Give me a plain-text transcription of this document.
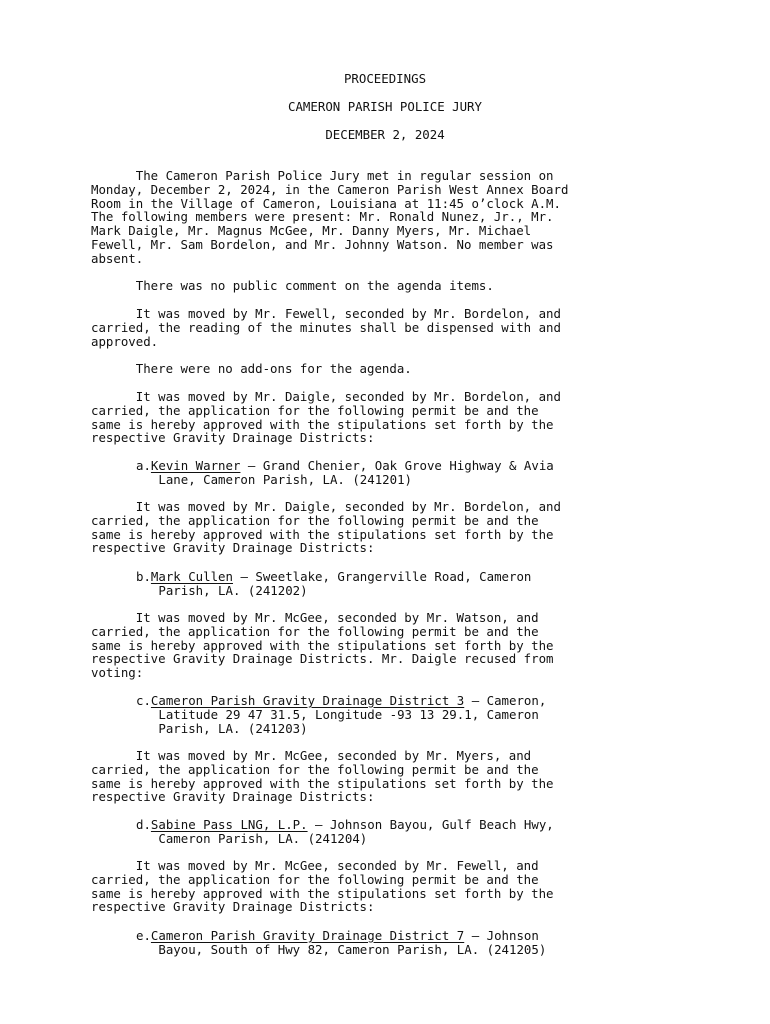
PROCEEDINGS
CAMERON PARISH POLICE JURY
DECEMBER 2, 2024
The Cameron Parish Police Jury met in regular session on
Monday, December 2, 2024, in the Cameron Parish West Annex Board
Room in the Village of Cameron, Louisiana at 11:45 o’clock A.M.
The following members were present: Mr. Ronald Nunez, Jr., Mr.
Mark Daigle, Mr. Magnus McGee, Mr. Danny Myers, Mr. Michael
Fewell, Mr. Sam Bordelon, and Mr. Johnny Watson. No member was
absent.
There was no public comment on the agenda items.
It was moved by Mr. Fewell, seconded by Mr. Bordelon, and
carried, the reading of the minutes shall be dispensed with and
approved.
There were no add-ons for the agenda.
It was moved by Mr. Daigle, seconded by Mr. Bordelon, and
carried, the application for the following permit be and the
same is hereby approved with the stipulations set forth by the
respective Gravity Drainage Districts:
a.Kevin Warner – Grand Chenier, Oak Grove Highway & Avia
Lane, Cameron Parish, LA. (241201)
It was moved by Mr. Daigle, seconded by Mr. Bordelon, and
carried, the application for the following permit be and the
same is hereby approved with the stipulations set forth by the
respective Gravity Drainage Districts:
b.Mark Cullen – Sweetlake, Grangerville Road, Cameron
Parish, LA. (241202)
It was moved by Mr. McGee, seconded by Mr. Watson, and
carried, the application for the following permit be and the
same is hereby approved with the stipulations set forth by the
respective Gravity Drainage Districts. Mr. Daigle recused from
voting:
c.Cameron Parish Gravity Drainage District 3 – Cameron,
Latitude 29 47 31.5, Longitude -93 13 29.1, Cameron
Parish, LA. (241203)
It was moved by Mr. McGee, seconded by Mr. Myers, and
carried, the application for the following permit be and the
same is hereby approved with the stipulations set forth by the
respective Gravity Drainage Districts:
d.Sabine Pass LNG, L.P. – Johnson Bayou, Gulf Beach Hwy,
Cameron Parish, LA. (241204)
It was moved by Mr. McGee, seconded by Mr. Fewell, and
carried, the application for the following permit be and the
same is hereby approved with the stipulations set forth by the
respective Gravity Drainage Districts:
e.Cameron Parish Gravity Drainage District 7 – Johnson
Bayou, South of Hwy 82, Cameron Parish, LA. (241205)
